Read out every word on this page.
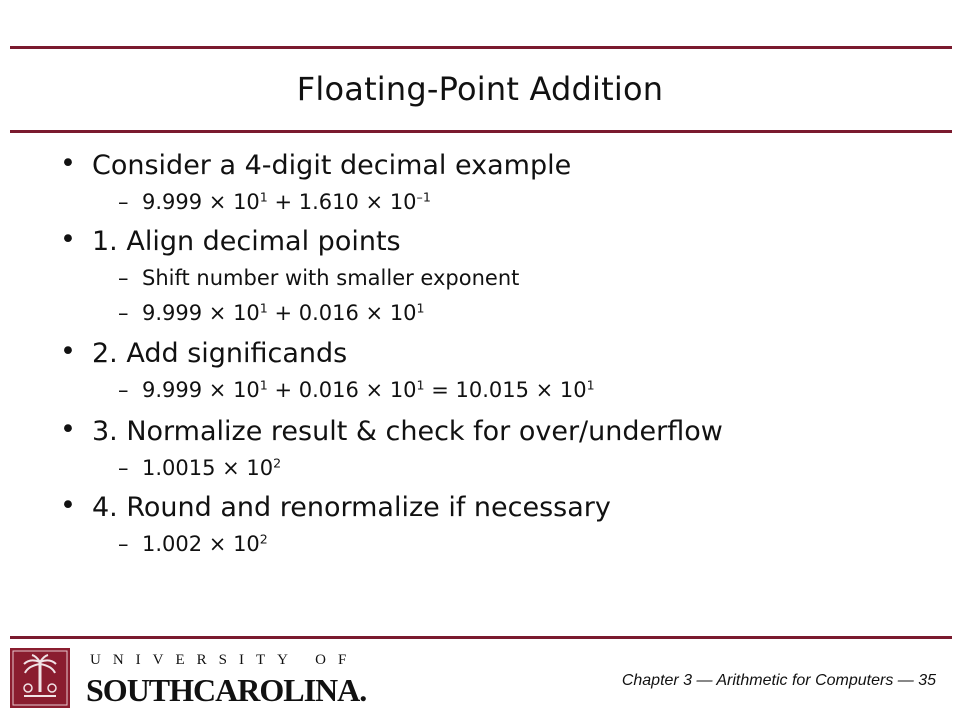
Floating-Point Addition
• Consider a 4-digit decimal example
– $9.999 \times 10^1 + 1.610 \times 10^{-1}$
• 1. Align decimal points
– Shift number with smaller exponent
– $9.999 \times 10^1 + 0.016 \times 10^1$
• 2. Add significands
– $9.999 \times 10^1 + 0.016 \times 10^1 = 10.015 \times 10^1$
• 3. Normalize result & check for over/underflow
– $1.0015 \times 10^2$
• 4. Round and renormalize if necessary
– $1.002 \times 10^2$
UNIVERSITY OF
SOUTHCAROLINA.	Chapter 3 — Arithmetic for Computers — 35
